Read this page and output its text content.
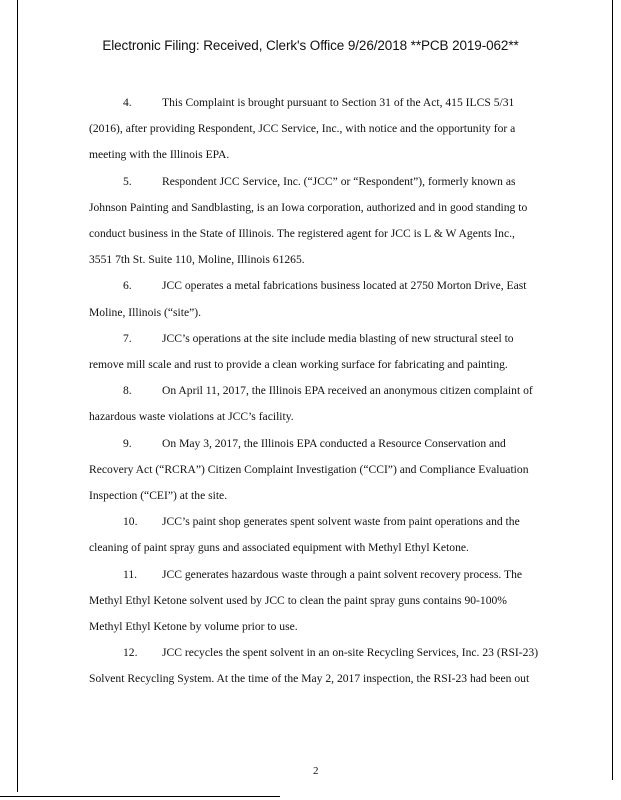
Electronic Filing: Received, Clerk's Office 9/26/2018 **PCB 2019-062**
4.	This Complaint is brought pursuant to Section 31 of the Act, 415 ILCS 5/31
(2016), after providing Respondent, JCC Service, Inc., with notice and the opportunity for a
meeting with the Illinois EPA.
5.	Respondent JCC Service, Inc. (“JCC” or “Respondent”), formerly known as
Johnson Painting and Sandblasting, is an Iowa corporation, authorized and in good standing to
conduct business in the State of Illinois. The registered agent for JCC is L & W Agents Inc.,
3551 7th St. Suite 110, Moline, Illinois 61265.
6.	JCC operates a metal fabrications business located at 2750 Morton Drive, East
Moline, Illinois (“site”).
7.	JCC’s operations at the site include media blasting of new structural steel to
remove mill scale and rust to provide a clean working surface for fabricating and painting.
8.	On April 11, 2017, the Illinois EPA received an anonymous citizen complaint of
hazardous waste violations at JCC’s facility.
9.	On May 3, 2017, the Illinois EPA conducted a Resource Conservation and
Recovery Act (“RCRA”) Citizen Complaint Investigation (“CCI”) and Compliance Evaluation
Inspection (“CEI”) at the site.
10. JCC’s paint shop generates spent solvent waste from paint operations and the
cleaning of paint spray guns and associated equipment with Methyl Ethyl Ketone.
11. JCC generates hazardous waste through a paint solvent recovery process. The
Methyl Ethyl Ketone solvent used by JCC to clean the paint spray guns contains 90-100%
Methyl Ethyl Ketone by volume prior to use.
12. JCC recycles the spent solvent in an on-site Recycling Services, Inc. 23 (RSI-23)
Solvent Recycling System. At the time of the May 2, 2017 inspection, the RSI-23 had been out
2
